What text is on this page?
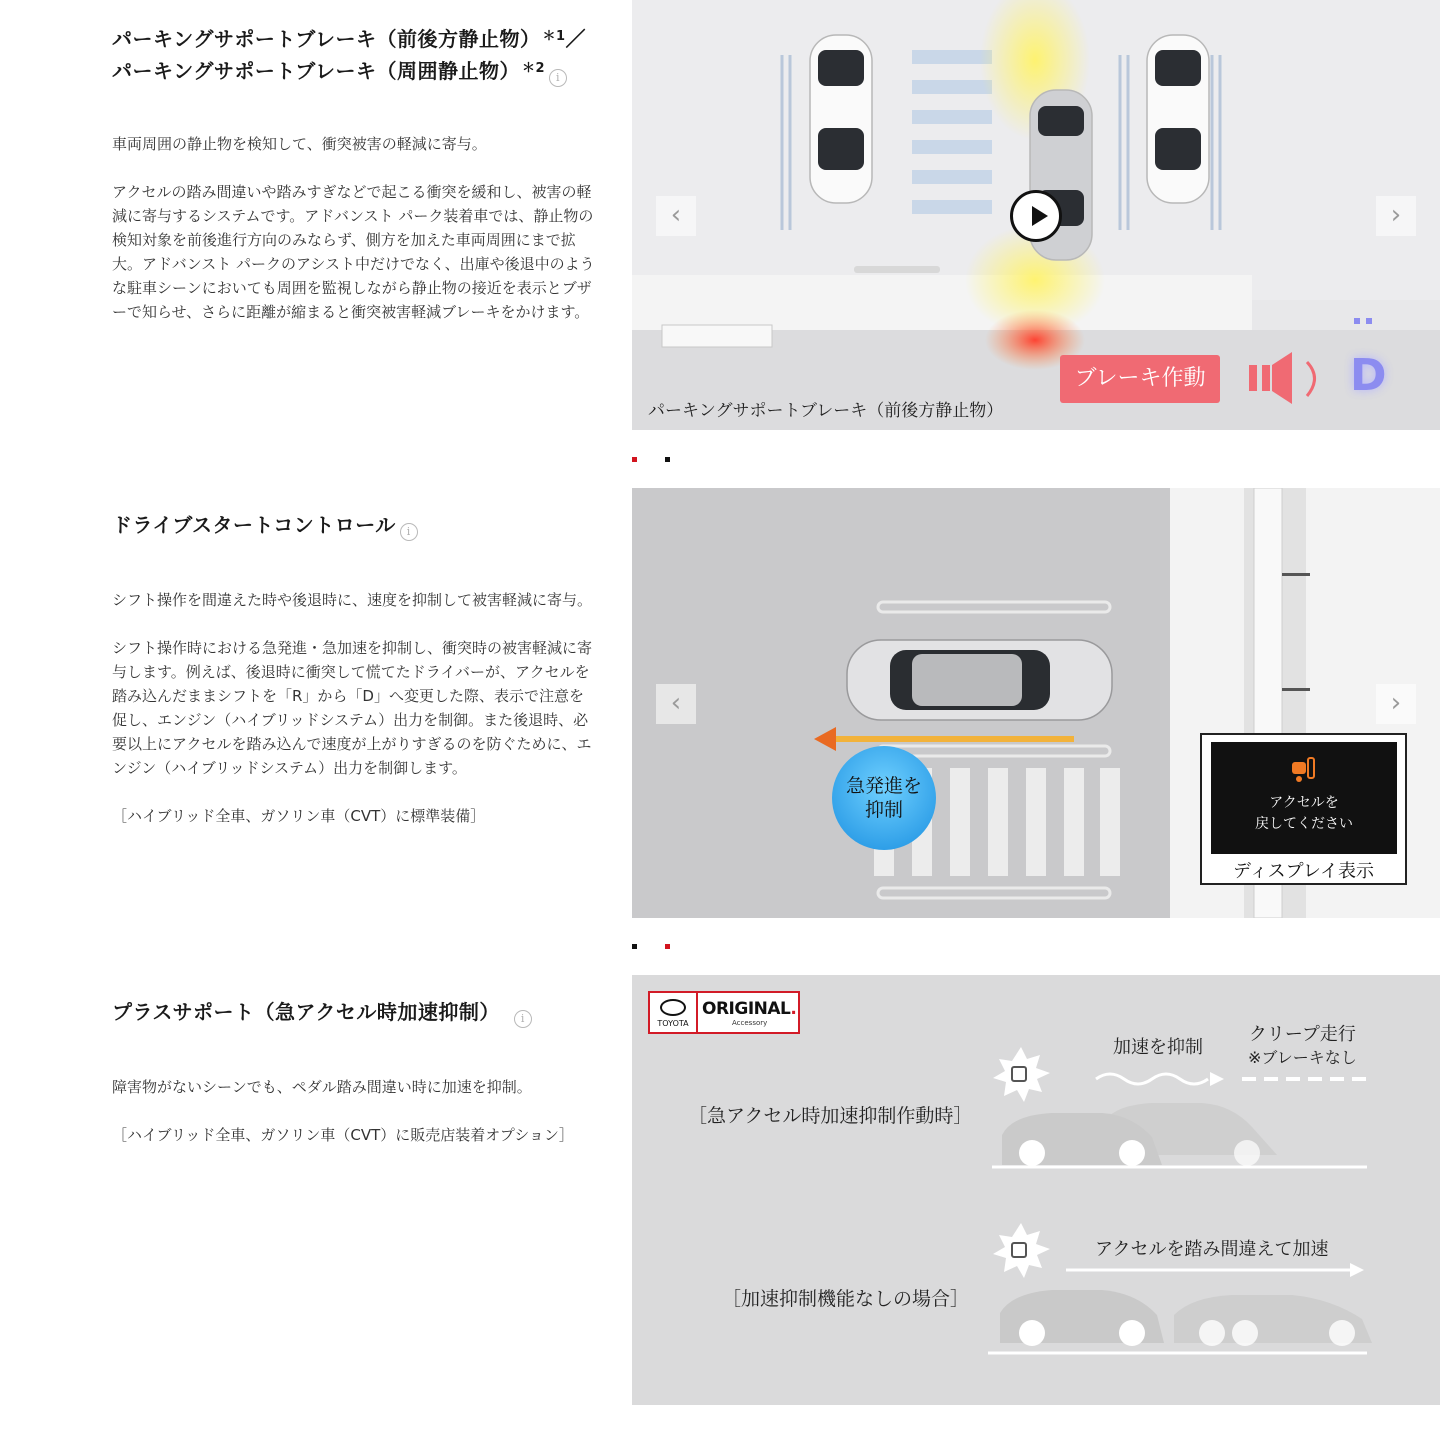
パーキングサポートブレーキ（前後方静止物） $^{*1}$／
パーキングサポートブレーキ（周囲静止物） $^{*2}$i

車両周囲の静止物を検知して、衝突被害の軽減に寄与。

アクセルの踏み間違いや踏みすぎなどで起こる衝突を緩和し、被害の軽減に寄与するシステムです。アドバンスト パーク装着車では、静止物の検知対象を前後進行方向のみならず、側方を加えた車両周囲にまで拡大。アドバンスト パークのアシスト中だけでなく、出庫や後退中のような駐車シーンにおいても周囲を監視しながら静止物の接近を表示とブザーで知らせ、さらに距離が縮まると衝突被害軽減ブレーキをかけます。

ブレーキ作動	D
パーキングサポートブレーキ（前後方静止物）
‹	›
ドライブスタートコントロール i

シフト操作を間違えた時や後退時に、速度を抑制して被害軽減に寄与。

シフト操作時における急発進・急加速を抑制し、衝突時の被害軽減に寄与します。例えば、後退時に衝突して慌てたドライバーが、アクセルを踏み込んだままシフトを「R」から「D」へ変更した際、表示で注意を促し、エンジン（ハイブリッドシステム）出力を制御。また後退時、必要以上にアクセルを踏み込んで速度が上がりすぎるのを防ぐために、エンジン（ハイブリッドシステム）出力を制御します。

［ハイブリッド全車、ガソリン車（CVT）に標準装備］

急発進を
抑制	アクセルを
戻してください
ディスプレイ表示
‹	›
プラスサポート（急アクセル時加速抑制） i

障害物がないシーンでも、ペダル踏み間違い時に加速を抑制。

［ハイブリッド全車、ガソリン車（CVT）に販売店装着オプション］

TOYOTA
ORIGINAL.
Accessory
加速を抑制
クリープ走行
※ブレーキなし
［急アクセル時加速抑制作動時］
アクセルを踏み間違えて加速
［加速抑制機能なしの場合］
